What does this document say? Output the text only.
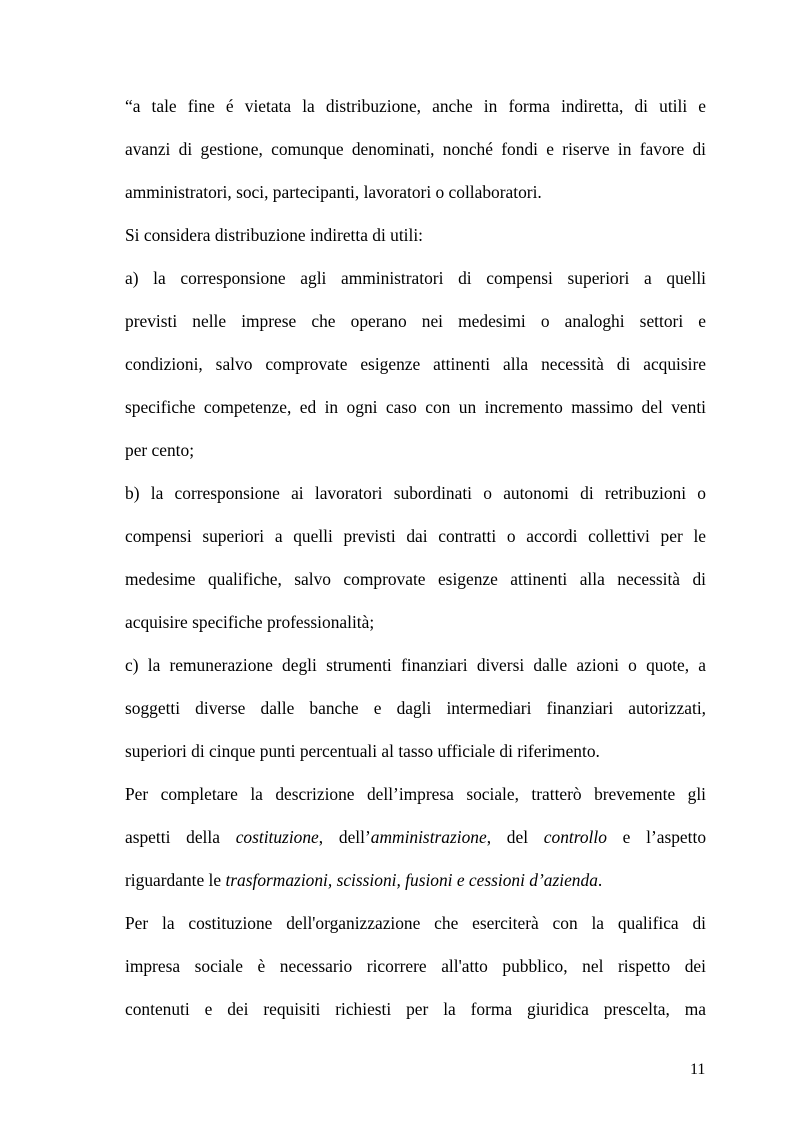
“a tale fine é vietata la distribuzione, anche in forma indiretta, di utili e
avanzi di gestione, comunque denominati, nonché fondi e riserve in favore di
amministratori, soci, partecipanti, lavoratori o collaboratori.
Si considera distribuzione indiretta di utili:
a) la corresponsione agli amministratori di compensi superiori a quelli
previsti nelle imprese che operano nei medesimi o analoghi settori e
condizioni, salvo comprovate esigenze attinenti alla necessità di acquisire
specifiche competenze, ed in ogni caso con un incremento massimo del venti
per cento;
b) la corresponsione ai lavoratori subordinati o autonomi di retribuzioni o
compensi superiori a quelli previsti dai contratti o accordi collettivi per le
medesime qualifiche, salvo comprovate esigenze attinenti alla necessità di
acquisire specifiche professionalità;
c) la remunerazione degli strumenti finanziari diversi dalle azioni o quote, a
soggetti diverse dalle banche e dagli intermediari finanziari autorizzati,
superiori di cinque punti percentuali al tasso ufficiale di riferimento.
Per completare la descrizione dell’impresa sociale, tratterò brevemente gli
aspetti della costituzione, dell’amministrazione, del controllo e l’aspetto
riguardante le trasformazioni, scissioni, fusioni e cessioni d’azienda.
Per la costituzione dell'organizzazione che eserciterà con la qualifica di
impresa sociale è necessario ricorrere all'atto pubblico, nel rispetto dei
contenuti e dei requisiti richiesti per la forma giuridica prescelta, ma
11
